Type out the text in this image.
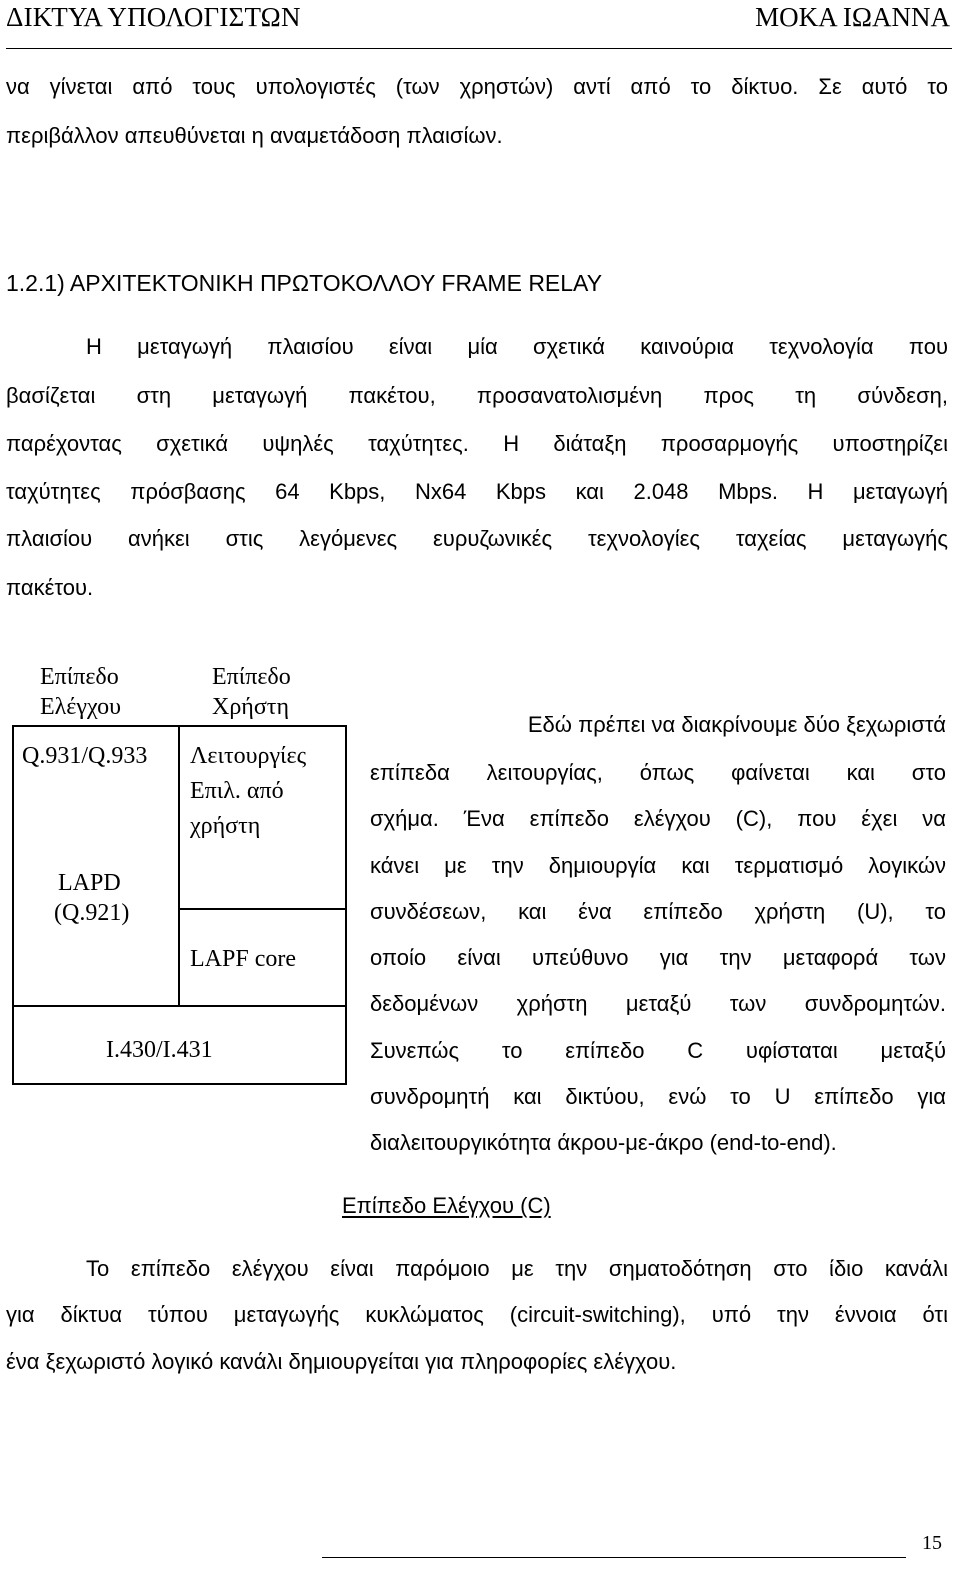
ΔΙΚΤΥΑ ΥΠΟΛΟΓΙΣΤΩΝ	ΜΟΚΑ ΙΩΑΝΝΑ
να γίνεται από τους υπολογιστές (των χρηστών) αντί από το δίκτυο. Σε αυτό το
περιβάλλον απευθύνεται η αναμετάδοση πλαισίων.
1.2.1) ΑΡΧΙΤΕΚΤΟΝΙΚΗ ΠΡΩΤΟΚΟΛΛΟΥ FRAME RELAY
Η μεταγωγή πλαισίου είναι μία σχετικά καινούρια τεχνολογία που
βασίζεται στη μεταγωγή πακέτου, προσανατολισμένη προς τη σύνδεση,
παρέχοντας σχετικά υψηλές ταχύτητες. Η διάταξη προσαρμογής υποστηρίζει
ταχύτητες πρόσβασης 64 Kbps, Nx64 Kbps και 2.048 Mbps. Η μεταγωγή
πλαισίου ανήκει στις λεγόμενες ευρυζωνικές τεχνολογίες ταχείας μεταγωγής
πακέτου.
Επίπεδο
Ελέγχου
Επίπεδο
Χρήστη
Q.931/Q.933 Λειτουργίες
Επιλ. από
χρήστη
LAPD
(Q.921)
LAPF core
I.430/I.431
Εδώ πρέπει να διακρίνουμε δύο ξεχωριστά
επίπεδα λειτουργίας, όπως φαίνεται και στο
σχήμα. Ένα επίπεδο ελέγχου (C), που έχει να
κάνει με την δημιουργία και τερματισμό λογικών
συνδέσεων, και ένα επίπεδο χρήστη (U), το
οποίο είναι υπεύθυνο για την μεταφορά των
δεδομένων χρήστη μεταξύ των συνδρομητών.
Συνεπώς το επίπεδο C υφίσταται μεταξύ
συνδρομητή και δικτύου, ενώ το U επίπεδο για
διαλειτουργικότητα άκρου-με-άκρο (end-to-end).
Επίπεδο Ελέγχου (C)
Το επίπεδο ελέγχου είναι παρόμοιο με την σηματοδότηση στο ίδιο κανάλι
για δίκτυα τύπου μεταγωγής κυκλώματος (circuit-switching), υπό την έννοια ότι
ένα ξεχωριστό λογικό κανάλι δημιουργείται για πληροφορίες ελέγχου.
15
